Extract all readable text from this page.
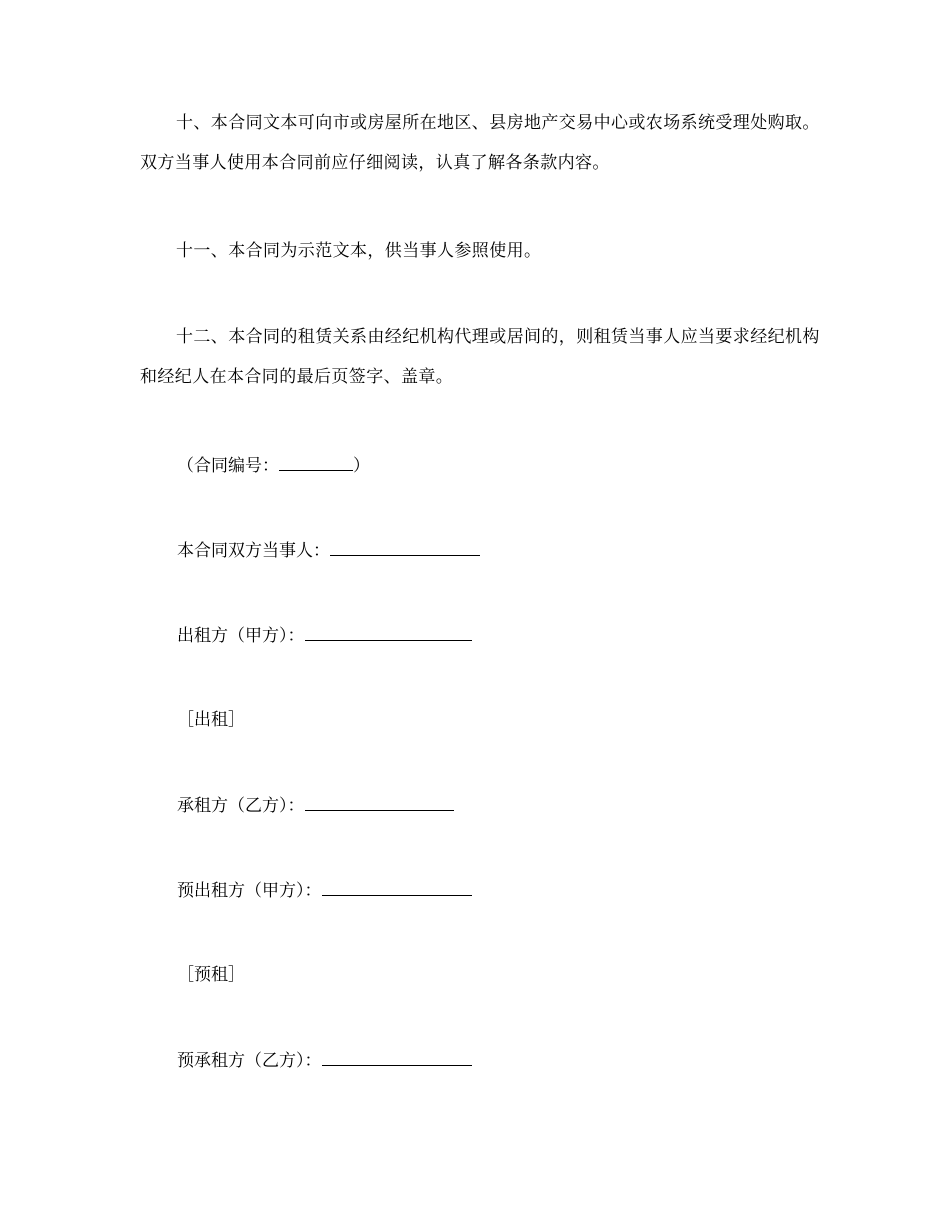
十、本合同文本可向市或房屋所在地区、县房地产交易中心或农场系统受理处购取。双方当事人使用本合同前应仔细阅读，认真了解各条款内容。

十一、本合同为示范文本，供当事人参照使用。

十二、本合同的租赁关系由经纪机构代理或居间的，则租赁当事人应当要求经纪机构和经纪人在本合同的最后页签字、盖章。

（合同编号：	）

本合同双方当事人：

出租方（甲方）：

［出租］

承租方（乙方）：

预出租方（甲方）：

［预租］

预承租方（乙方）：
